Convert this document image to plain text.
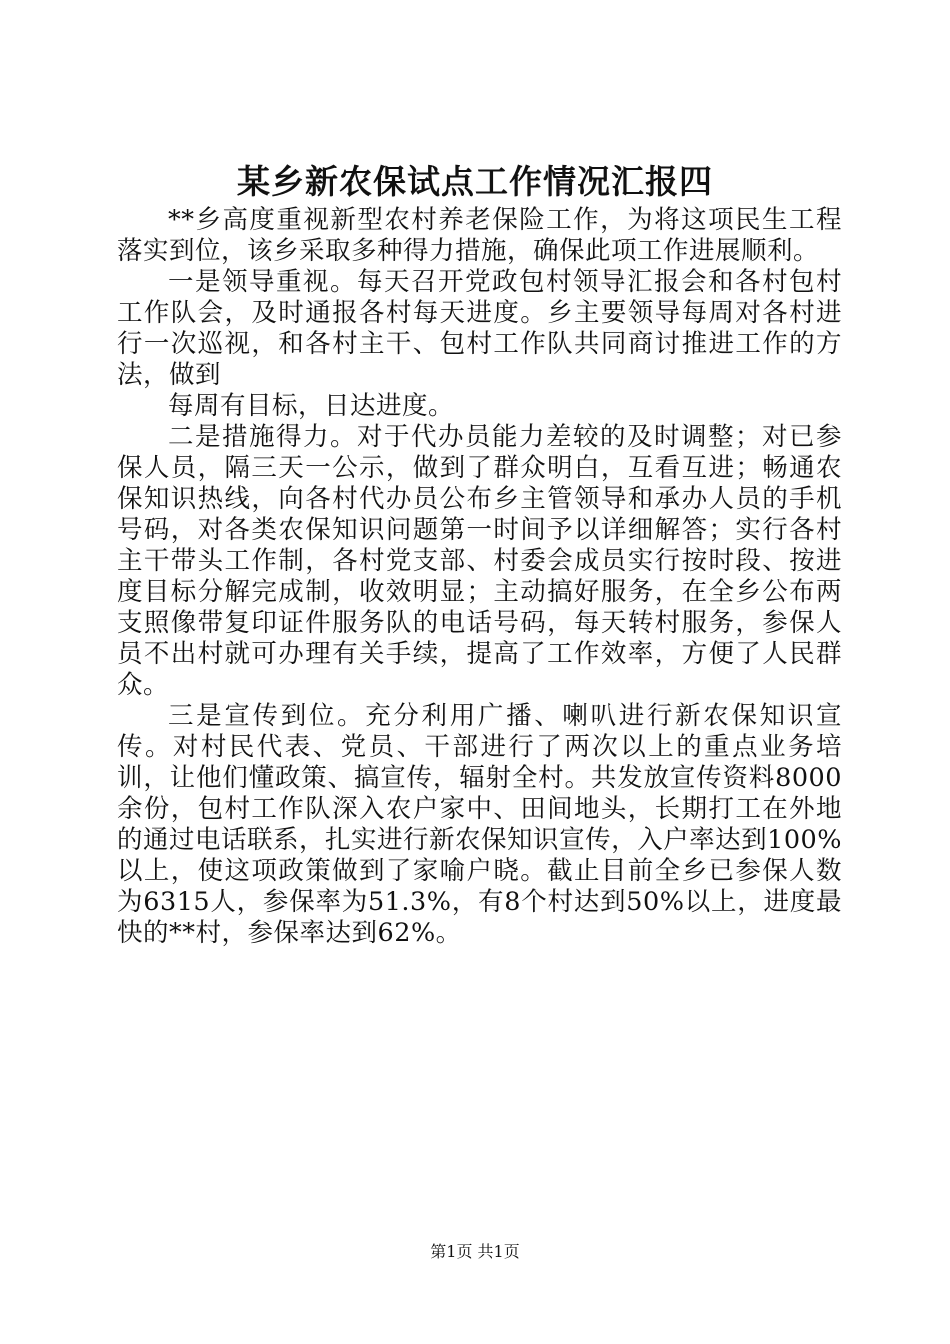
某乡新农保试点工作情况汇报四

**乡高度重视新型农村养老保险工作，为将这项民生工程落实到位，该乡采取多种得力措施，确保此项工作进展顺利。

一是领导重视。每天召开党政包村领导汇报会和各村包村工作队会，及时通报各村每天进度。乡主要领导每周对各村进行一次巡视，和各村主干、包村工作队共同商讨推进工作的方法，做到

每周有目标，日达进度。

二是措施得力。对于代办员能力差较的及时调整；对已参保人员，隔三天一公示，做到了群众明白，互看互进；畅通农保知识热线，向各村代办员公布乡主管领导和承办人员的手机号码，对各类农保知识问题第一时间予以详细解答；实行各村主干带头工作制，各村党支部、村委会成员实行按时段、按进度目标分解完成制，收效明显；主动搞好服务，在全乡公布两支照像带复印证件服务队的电话号码，每天转村服务，参保人员不出村就可办理有关手续，提高了工作效率，方便了人民群众。

三是宣传到位。充分利用广播、喇叭进行新农保知识宣传。对村民代表、党员、干部进行了两次以上的重点业务培训，让他们懂政策、搞宣传，辐射全村。共发放宣传资料8000余份，包村工作队深入农户家中、田间地头，长期打工在外地的通过电话联系，扎实进行新农保知识宣传，入户率达到100%以上，使这项政策做到了家喻户晓。截止目前全乡已参保人数为6315人，参保率为51.3%，有8个村达到50%以上，进度最快的**村，参保率达到62%。

第1页 共1页
